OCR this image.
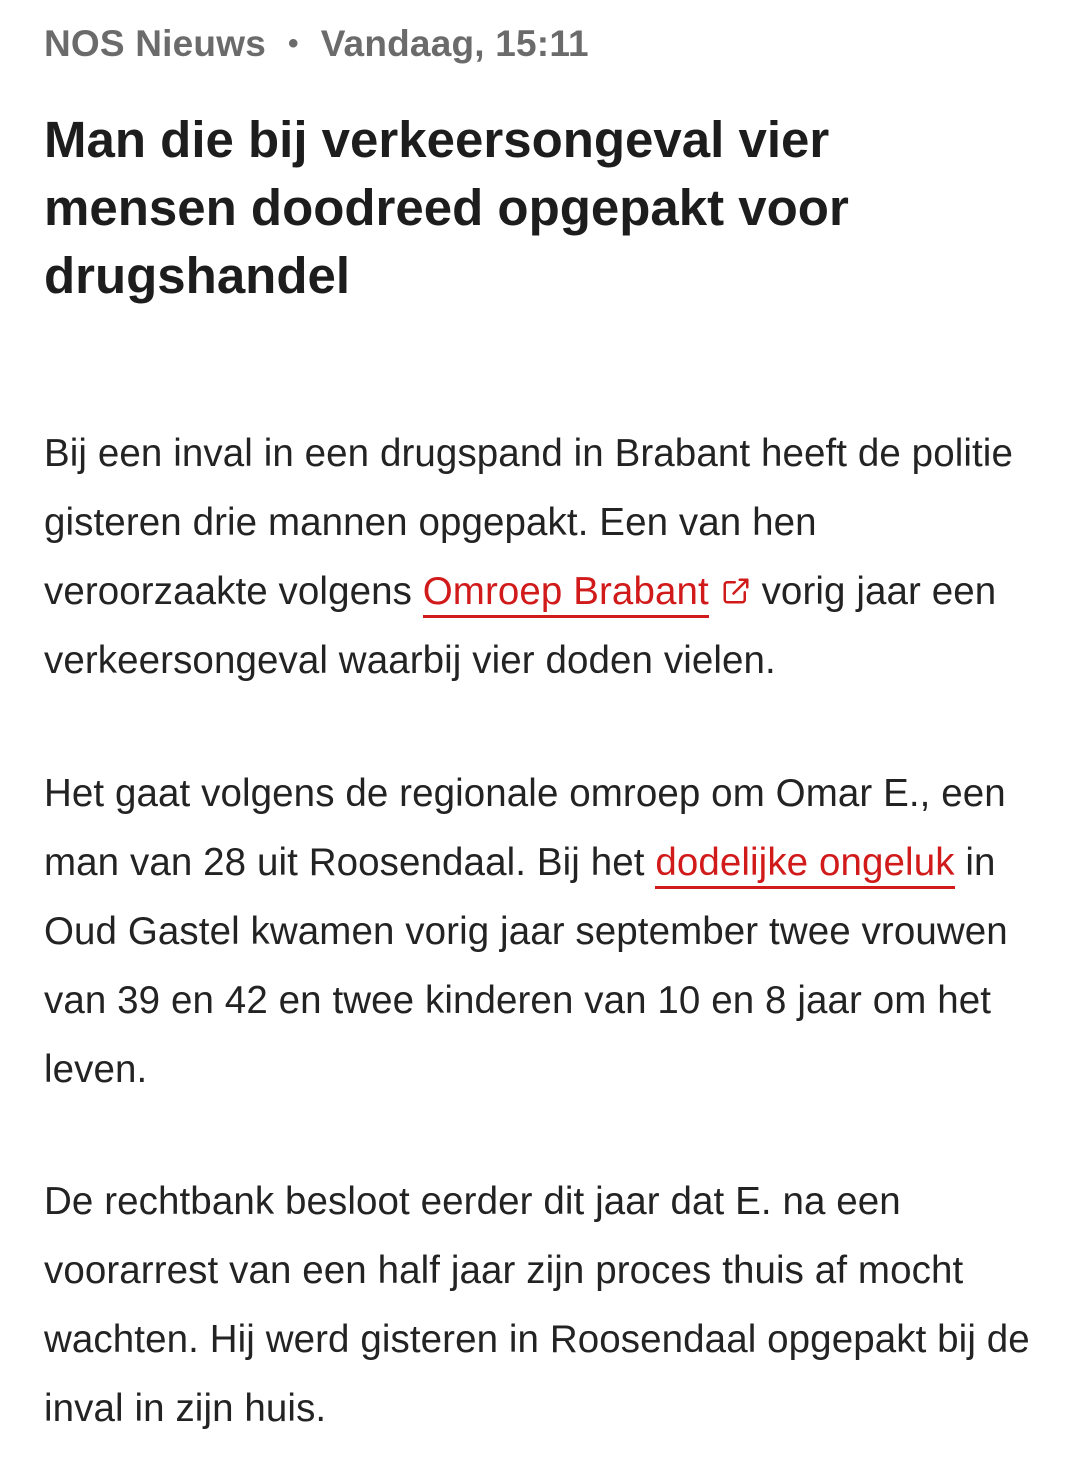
NOS Nieuws • Vandaag, 15:11
Man die bij verkeersongeval vier mensen doodreed opgepakt voor drugshandel

Bij een inval in een drugspand in Brabant heeft de politie gisteren drie mannen opgepakt. Een van hen veroorzaakte volgens Omroep Brabant vorig jaar een verkeersongeval waarbij vier doden vielen.

Het gaat volgens de regionale omroep om Omar E., een man van 28 uit Roosendaal. Bij het dodelijke ongeluk in Oud Gastel kwamen vorig jaar september twee vrouwen van 39 en 42 en twee kinderen van 10 en 8 jaar om het leven.

De rechtbank besloot eerder dit jaar dat E. na een voorarrest van een half jaar zijn proces thuis af mocht wachten. Hij werd gisteren in Roosendaal opgepakt bij de inval in zijn huis.
